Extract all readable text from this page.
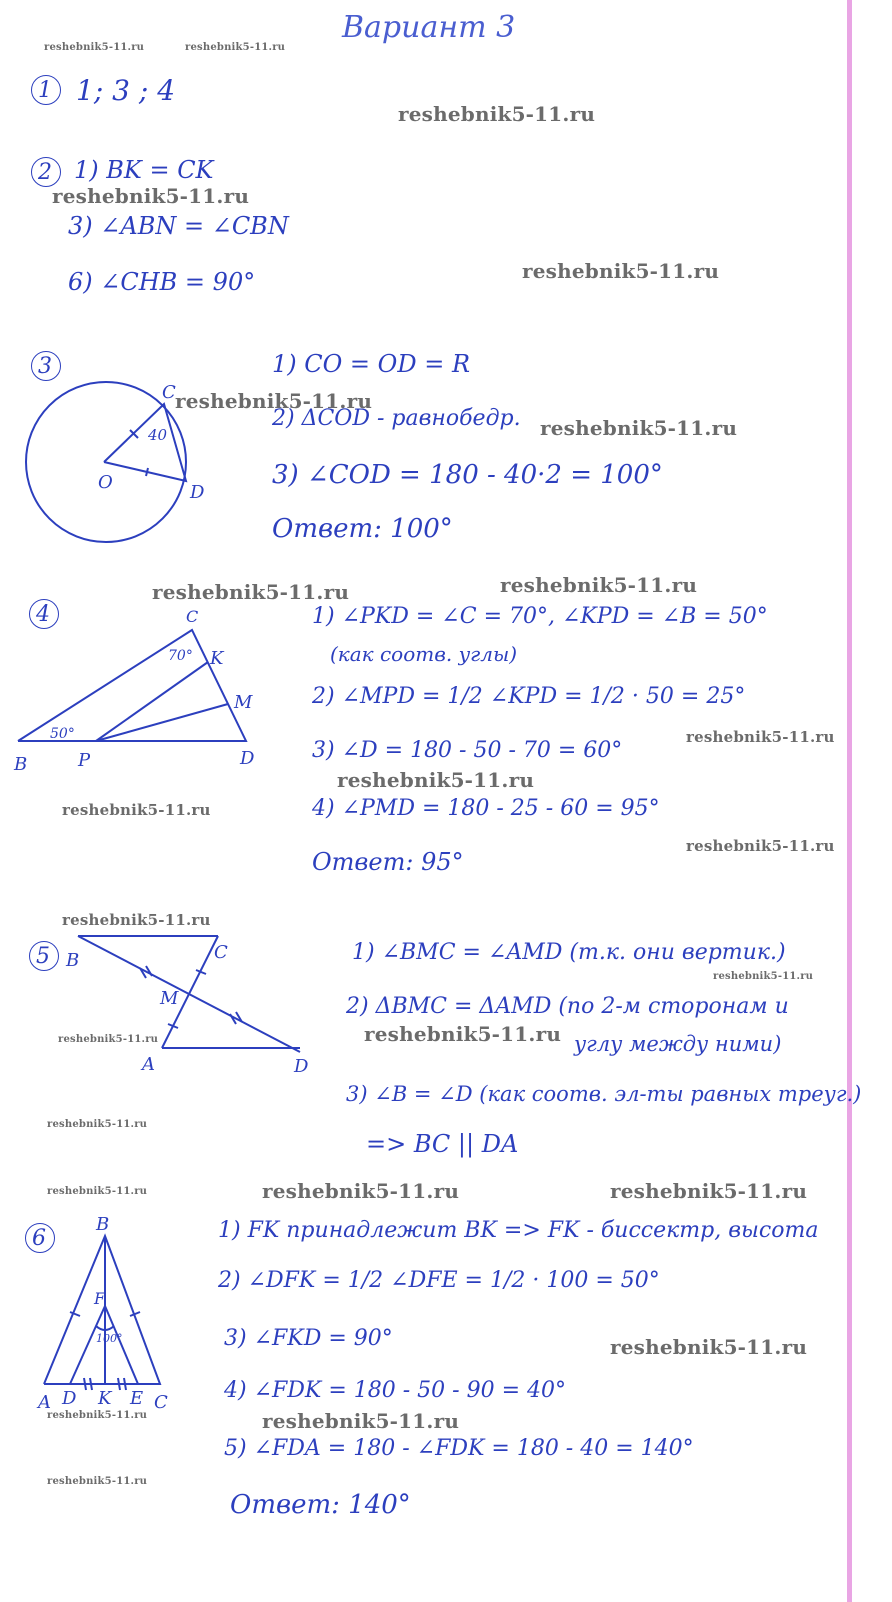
Вариант 3
reshebnik5-11.ru	reshebnik5-11.ru
reshebnik5-11.ru
reshebnik5-11.ru
reshebnik5-11.ru
reshebnik5-11.ru
reshebnik5-11.ru
reshebnik5-11.ru	reshebnik5-11.ru
reshebnik5-11.ru
reshebnik5-11.ru
reshebnik5-11.ru
reshebnik5-11.ru
reshebnik5-11.ru
reshebnik5-11.ru
reshebnik5-11.ru
reshebnik5-11.ru
reshebnik5-11.ru
reshebnik5-11.ru	reshebnik5-11.ru	reshebnik5-11.ru
reshebnik5-11.ru
reshebnik5-11.ru	reshebnik5-11.ru
reshebnik5-11.ru
1 1; 3 ; 4
2 1) BK = CK
3) ∠ABN = ∠CBN
6) ∠CHB = 90°
3	1) CO = OD = R
2) ΔCOD - равнобедр.
3) ∠COD = 180 - 40·2 = 100°
Ответ: 100°
C
O	D
40
4	1) ∠PKD = ∠C = 70°, ∠KPD = ∠B = 50°
(как соотв. углы)
2) ∠MPD = 1/2 ∠KPD = 1/2 · 50 = 25°
3) ∠D = 180 - 50 - 70 = 60°
4) ∠PMD = 180 - 25 - 60 = 95°
Ответ: 95°
C
K
M
B	P	D
70°
50°
5	1) ∠BMC = ∠AMD (т.к. они вертик.)
2) ΔBMC = ΔAMD (по 2-м сторонам и
углу между ними)
3) ∠B = ∠D (как соотв. эл-ты равных треуг.)
=> BC || DA
B	C
M
A	D
6	1) FK принадлежит BK => FK - биссектр, высота
2) ∠DFK = 1/2 ∠DFE = 1/2 · 100 = 50°
3) ∠FKD = 90°
4) ∠FDK = 180 - 50 - 90 = 40°
5) ∠FDA = 180 - ∠FDK = 180 - 40 = 140°
Ответ: 140°
B
F
100°
A D K E C
